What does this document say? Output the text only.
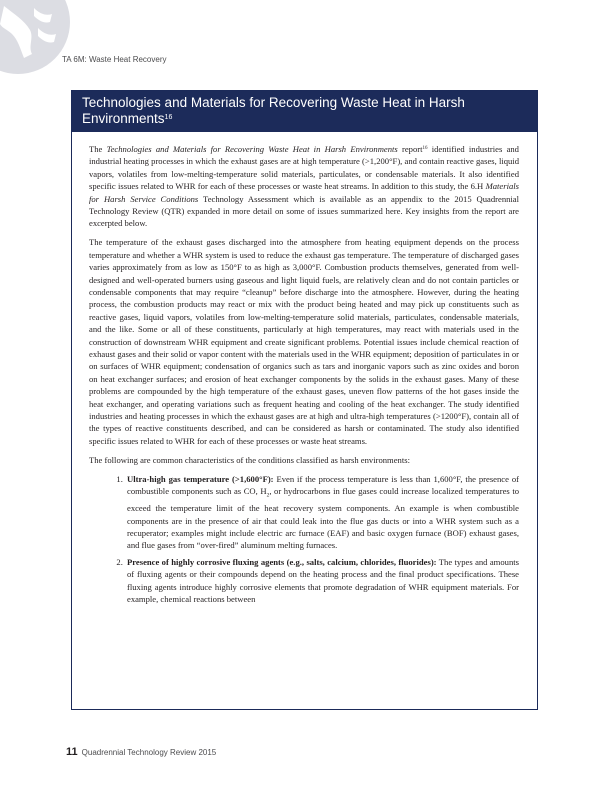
TA 6M: Waste Heat Recovery
Technologies and Materials for Recovering Waste Heat in Harsh Environments$^{16}$

The Technologies and Materials for Recovering Waste Heat in Harsh Environments report$^{16}$ identified industries and industrial heating processes in which the exhaust gases are at high temperature (>1,200°F), and contain reactive gases, liquid vapors, volatiles from low-melting-temperature solid materials, particulates, or condensable materials. It also identified specific issues related to WHR for each of these processes or waste heat streams. In addition to this study, the 6.H Materials for Harsh Service Conditions Technology Assessment which is available as an appendix to the 2015 Quadrennial Technology Review (QTR) expanded in more detail on some of issues summarized here. Key insights from the report are excerpted below.

The temperature of the exhaust gases discharged into the atmosphere from heating equipment depends on the process temperature and whether a WHR system is used to reduce the exhaust gas temperature. The temperature of discharged gases varies approximately from as low as 150°F to as high as 3,000°F. Combustion products themselves, generated from well-designed and well-operated burners using gaseous and light liquid fuels, are relatively clean and do not contain particles or condensable components that may require “cleanup” before discharge into the atmosphere. However, during the heating process, the combustion products may react or mix with the product being heated and may pick up constituents such as reactive gases, liquid vapors, volatiles from low-melting-temperature solid materials, particulates, condensable materials, and the like. Some or all of these constituents, particularly at high temperatures, may react with materials used in the construction of downstream WHR equipment and create significant problems. Potential issues include chemical reaction of exhaust gases and their solid or vapor content with the materials used in the WHR equipment; deposition of particulates in or on surfaces of WHR equipment; condensation of organics such as tars and inorganic vapors such as zinc oxides and boron on heat exchanger surfaces; and erosion of heat exchanger components by the solids in the exhaust gases. Many of these problems are compounded by the high temperature of the exhaust gases, uneven flow patterns of the hot gases inside the heat exchanger, and operating variations such as frequent heating and cooling of the heat exchanger. The study identified industries and heating processes in which the exhaust gases are at high and ultra-high temperatures (>1200°F), contain all of the types of reactive constituents described, and can be considered as harsh or contaminated. The study also identified specific issues related to WHR for each of these processes or waste heat streams.

The following are common characteristics of the conditions classified as harsh environments:

1. Ultra-high gas temperature (>1,600°F): Even if the process temperature is less than 1,600°F, the presence of combustible components such as CO, $H_2$, or hydrocarbons in flue gases could increase localized temperatures to exceed the temperature limit of the heat recovery system components. An example is when combustible components are in the presence of air that could leak into the flue gas ducts or into a WHR system such as a recuperator; examples might include electric arc furnace (EAF) and basic oxygen furnace (BOF) exhaust gases, and flue gases from “over-fired” aluminum melting furnaces.
2. Presence of highly corrosive fluxing agents (e.g., salts, calcium, chlorides, fluorides): The types and amounts of fluxing agents or their compounds depend on the heating process and the final product specifications. These fluxing agents introduce highly corrosive elements that promote degradation of WHR equipment materials. For example, chemical reactions between
11 Quadrennial Technology Review 2015
